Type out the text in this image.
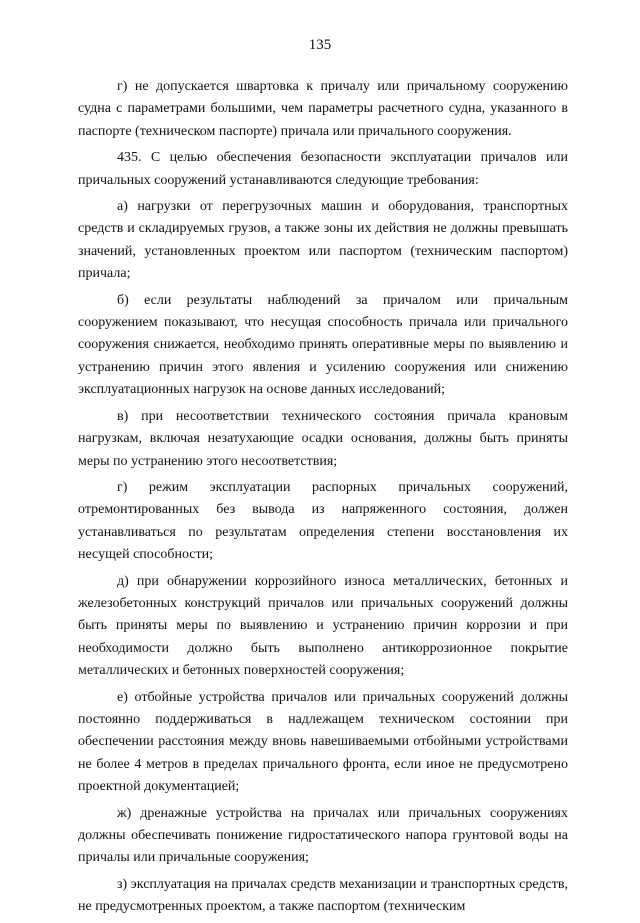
135

г) не допускается швартовка к причалу или причальному сооружению судна с параметрами большими, чем параметры расчетного судна, указанного в паспорте (техническом паспорте) причала или причального сооружения.

435. С целью обеспечения безопасности эксплуатации причалов или причальных сооружений устанавливаются следующие требования:

а) нагрузки от перегрузочных машин и оборудования, транспортных средств и складируемых грузов, а также зоны их действия не должны превышать значений, установленных проектом или паспортом (техническим паспортом) причала;

б) если результаты наблюдений за причалом или причальным сооружением показывают, что несущая способность причала или причального сооружения снижается, необходимо принять оперативные меры по выявлению и устранению причин этого явления и усилению сооружения или снижению эксплуатационных нагрузок на основе данных исследований;

в) при несоответствии технического состояния причала крановым нагрузкам, включая незатухающие осадки основания, должны быть приняты меры по устранению этого несоответствия;

г) режим эксплуатации распорных причальных сооружений, отремонтированных без вывода из напряженного состояния, должен устанавливаться по результатам определения степени восстановления их несущей способности;

д) при обнаружении коррозийного износа металлических, бетонных и железобетонных конструкций причалов или причальных сооружений должны быть приняты меры по выявлению и устранению причин коррозии и при необходимости должно быть выполнено антикоррозионное покрытие металлических и бетонных поверхностей сооружения;

е) отбойные устройства причалов или причальных сооружений должны постоянно поддерживаться в надлежащем техническом состоянии при обеспечении расстояния между вновь навешиваемыми отбойными устройствами не более 4 метров в пределах причального фронта, если иное не предусмотрено проектной документацией;

ж) дренажные устройства на причалах или причальных сооружениях должны обеспечивать понижение гидростатического напора грунтовой воды на причалы или причальные сооружения;

з) эксплуатация на причалах средств механизации и транспортных средств, не предусмотренных проектом, а также паспортом (техническим
